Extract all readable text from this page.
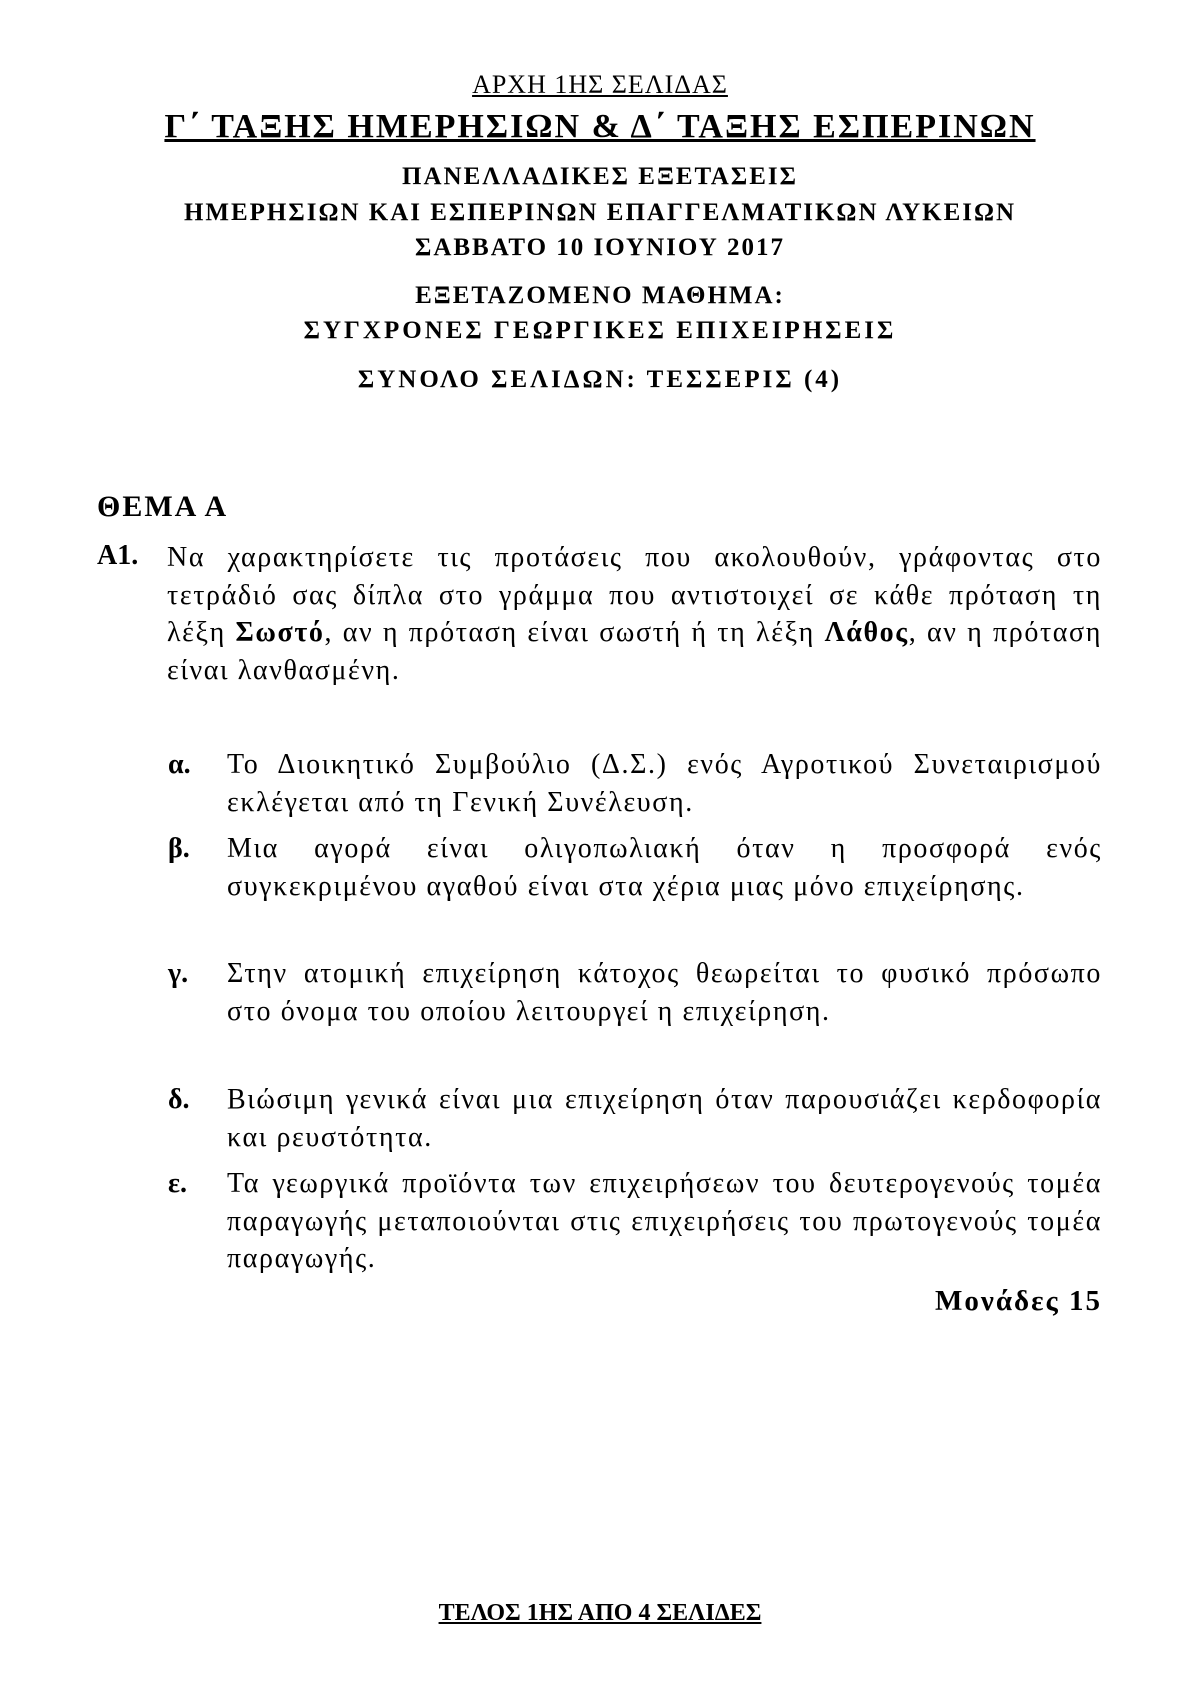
ΑΡΧΗ 1ΗΣ ΣΕΛΙΔΑΣ
Γ΄ ΤΑΞΗΣ ΗΜΕΡΗΣΙΩΝ & Δ΄ ΤΑΞΗΣ ΕΣΠΕΡΙΝΩΝ
ΠΑΝΕΛΛΑΔΙΚΕΣ ΕΞΕΤΑΣΕΙΣ
ΗΜΕΡΗΣΙΩΝ ΚΑΙ ΕΣΠΕΡΙΝΩΝ ΕΠΑΓΓΕΛΜΑΤΙΚΩΝ ΛΥΚΕΙΩΝ
ΣΑΒΒΑΤΟ 10 ΙΟΥΝΙΟΥ 2017
ΕΞΕΤΑΖΟΜΕΝΟ ΜΑΘΗΜΑ:
ΣΥΓΧΡΟΝΕΣ ΓΕΩΡΓΙΚΕΣ ΕΠΙΧΕΙΡΗΣΕΙΣ
ΣΥΝΟΛΟ ΣΕΛΙΔΩΝ: ΤΕΣΣΕΡΙΣ (4)
ΘΕΜΑ Α
Α1. Να χαρακτηρίσετε τις προτάσεις που ακολουθούν, γράφοντας στο τετράδιό σας δίπλα στο γράμμα που αντιστοιχεί σε κάθε πρόταση τη λέξη Σωστό, αν η πρόταση είναι σωστή ή τη λέξη Λάθος, αν η πρόταση είναι λανθασμένη.
α. Το Διοικητικό Συμβούλιο (Δ.Σ.) ενός Αγροτικού Συνεταιρισμού εκλέγεται από τη Γενική Συνέλευση.
β. Μια αγορά είναι ολιγοπωλιακή όταν η προσφορά ενός συγκεκριμένου αγαθού είναι στα χέρια μιας μόνο επιχείρησης.
γ. Στην ατομική επιχείρηση κάτοχος θεωρείται το φυσικό πρόσωπο στο όνομα του οποίου λειτουργεί η επιχείρηση.
δ. Βιώσιμη γενικά είναι μια επιχείρηση όταν παρουσιάζει κερδοφορία και ρευστότητα.
ε. Τα γεωργικά προϊόντα των επιχειρήσεων του δευτερογενούς τομέα παραγωγής μεταποιούνται στις επιχειρήσεις του πρωτογενούς τομέα παραγωγής.
Μονάδες 15
ΤΕΛΟΣ 1ΗΣ ΑΠΟ 4 ΣΕΛΙΔΕΣ
